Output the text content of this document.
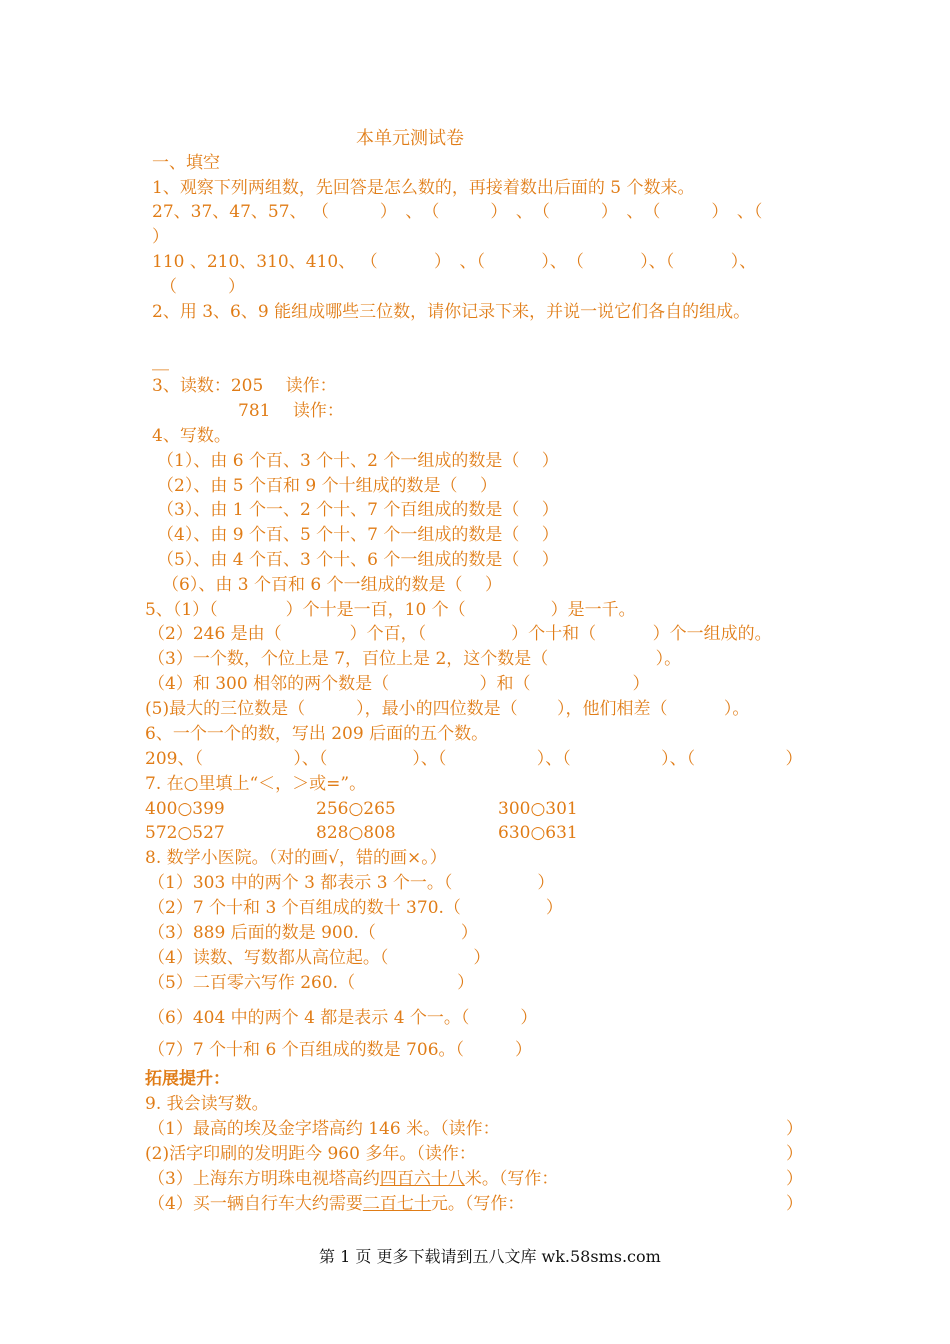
本单元测试卷
一、填空
1、观察下列两组数，先回答是怎么数的，再接着数出后面的 5 个数来。
27、37、47、57、 （　　　）　、　（　　　）　、　（　　　）　、　（　　　）　、（
）
110 、210、310、410、 （　　　 ）　、（　　　 ）、　（　　　 ）、（　　　 ）、
（　　　）
2、用 3、6、9 能组成哪些三位数，请你记录下来，并说一说它们各自的组成。
＿
3、读数：205　 读作：
781　 读作：
4、写数。
（1）、由 6 个百、3 个十、2 个一组成的数是（　 ）
（2）、由 5 个百和 9 个十组成的数是（　 ）
（3）、由 1 个一、2 个十、7 个百组成的数是（　 ）
（4）、由 9 个百、5 个十、7 个一组成的数是（　 ）
（5）、由 4 个百、3 个十、6 个一组成的数是（　 ）
（6）、由 3 个百和 6 个一组成的数是（　 ）
5、（1）（　　　　）个十是一百，10 个（　　　　　）是一千。
（2）246 是由（　　　　）个百，（　　　　　）个十和（　　　 ）个一组成的。
（3）一个数，个位上是 7，百位上是 2，这个数是（　　　　　　 ）。
（4）和 300 相邻的两个数是（　　　　　 ）和（　　　　　　）
(5)最大的三位数是（　　　），最小的四位数是（　　 ），他们相差（　　　 ）。
6、一个一个的数，写出 209 后面的五个数。
209、（　　　　　 ）、（　　　　　）、（　　　　　 ）、（　　　　　 ）、（　　　　　 ）
7. 在○里填上“＜，＞或=”。
400○399	256○265	300○301
572○527	828○808	630○631
8. 数学小医院。（对的画√，错的画×。）
（1）303 中的两个 3 都表示 3 个一。（　　　　　）
（2）7 个十和 3 个百组成的数十 370.（　　　　　）
（3）889 后面的数是 900.（　　　　　）
（4）读数、写数都从高位起。（　　　　　）
（5）二百零六写作 260.（　　　　　　）
（6）404 中的两个 4 都是表示 4 个一。（　　　）
（7）7 个十和 6 个百组成的数是 706。（　　　）
拓展提升：
9. 我会读写数。
（1）最高的埃及金字塔高约 146 米。（读作：	）
(2)活字印刷的发明距今 960 多年。（读作：	）
（3）上海东方明珠电视塔高约四百六十八米。（写作：	）
（4）买一辆自行车大约需要二百七十元。（写作：	）
第 1 页 更多下载请到五八文库 wk.58sms.com
